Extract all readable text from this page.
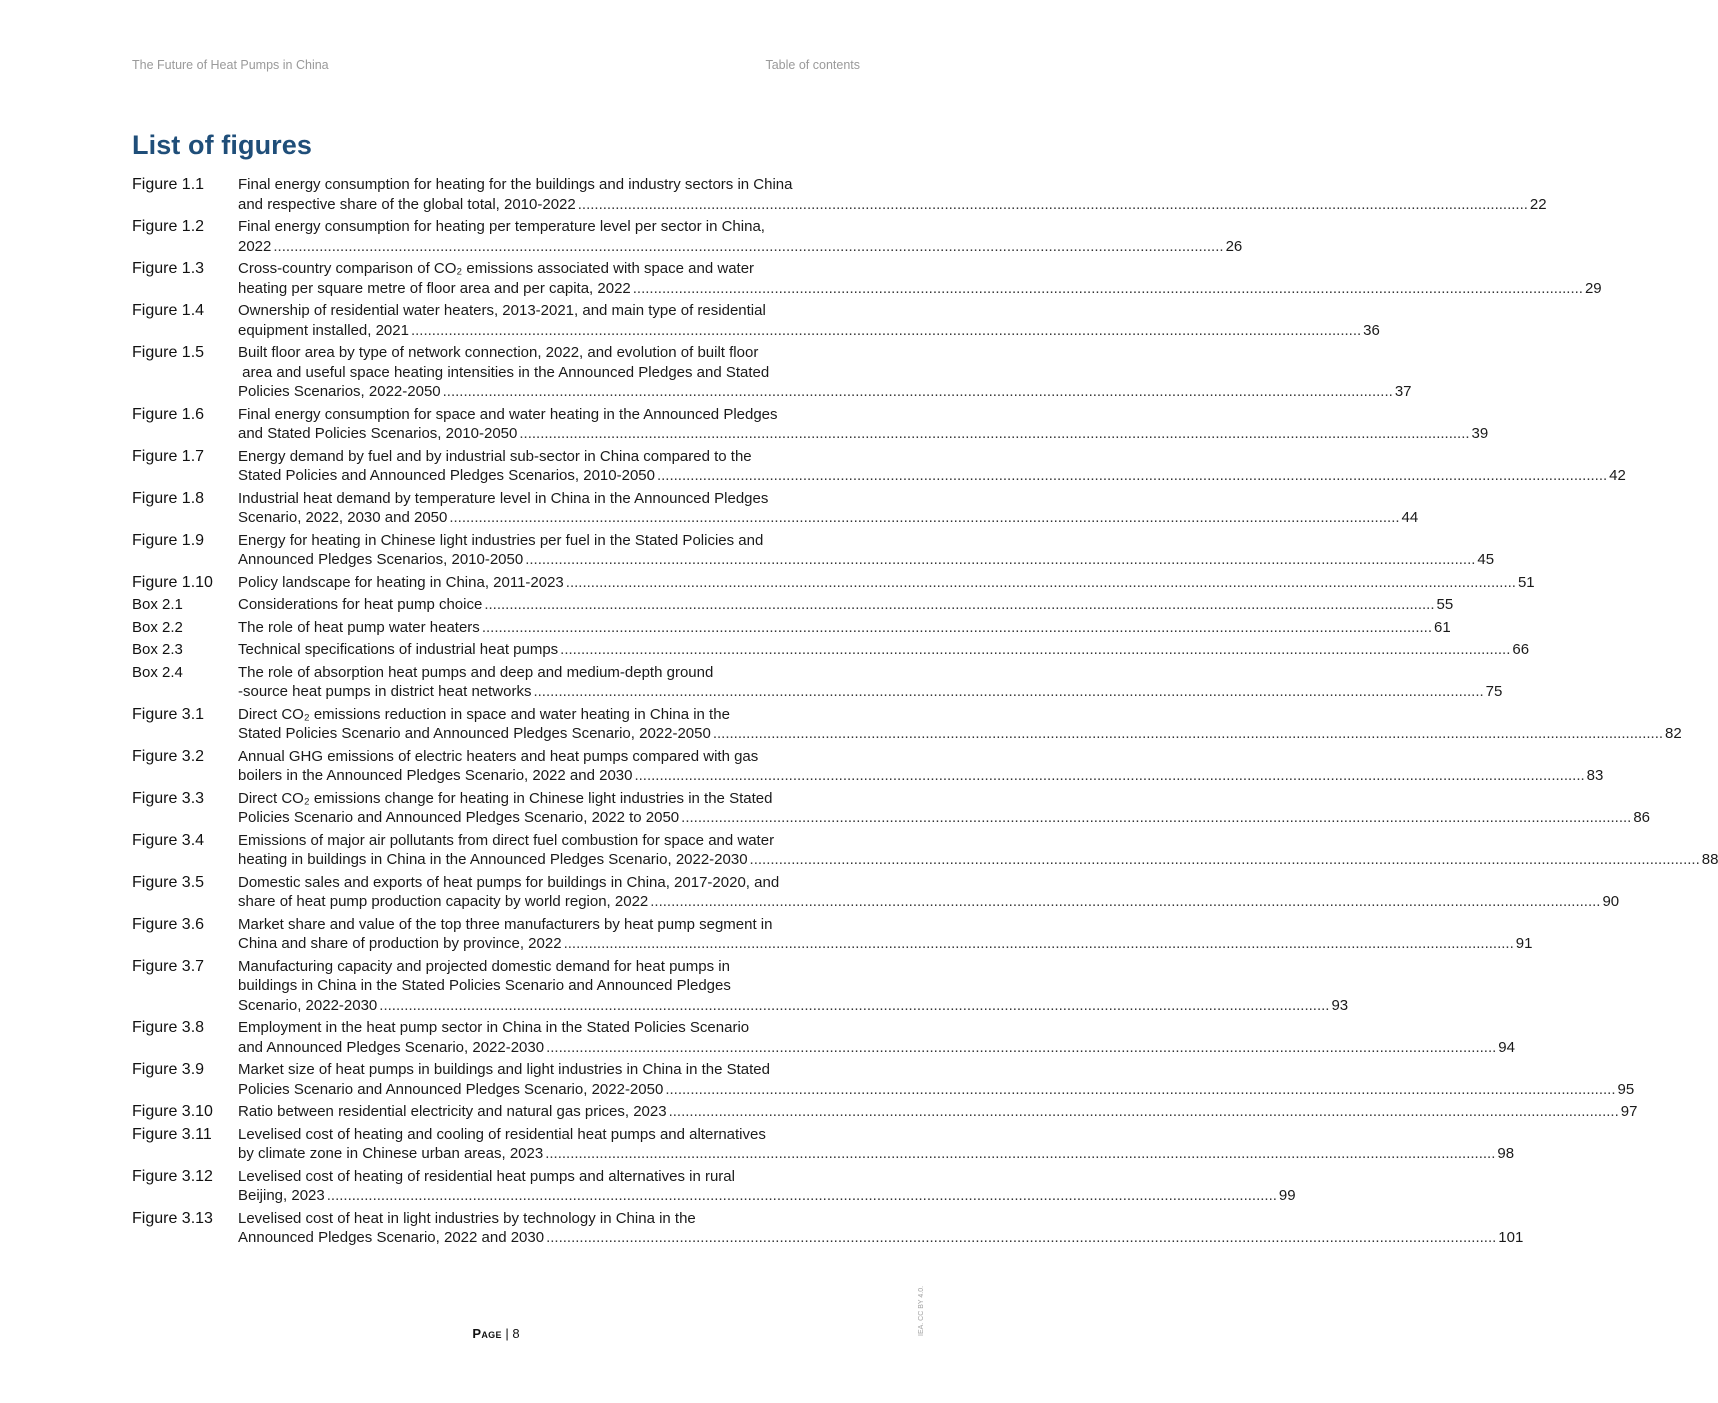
The Future of Heat Pumps in China	Table of contents
List of figures
Figure 1.1	Final energy consumption for heating for the buildings and industry sectors in China
and respective share of the global total, 2010-2022 .....	22
Figure 1.2	Final energy consumption for heating per temperature level per sector in China,
2022 .....	26
Figure 1.3	Cross-country comparison of CO₂ emissions associated with space and water
heating per square metre of floor area and per capita, 2022 .....	29
Figure 1.4	Ownership of residential water heaters, 2013-2021, and main type of residential
equipment installed, 2021 .....	36
Figure 1.5	Built floor area by type of network connection, 2022, and evolution of built floor
area and useful space heating intensities in the Announced Pledges and Stated
Policies Scenarios, 2022-2050 .....	37
Figure 1.6	Final energy consumption for space and water heating in the Announced Pledges
and Stated Policies Scenarios, 2010-2050 .....	39
Figure 1.7	Energy demand by fuel and by industrial sub-sector in China compared to the
Stated Policies and Announced Pledges Scenarios, 2010-2050 .....	42
Figure 1.8	Industrial heat demand by temperature level in China in the Announced Pledges
Scenario, 2022, 2030 and 2050 .....	44
Figure 1.9	Energy for heating in Chinese light industries per fuel in the Stated Policies and
Announced Pledges Scenarios, 2010-2050 .....	45
Figure 1.10	Policy landscape for heating in China, 2011-2023 .....	51
Box 2.1	Considerations for heat pump choice .....	55
Box 2.2	The role of heat pump water heaters .....	61
Box 2.3	Technical specifications of industrial heat pumps .....	66
Box 2.4	The role of absorption heat pumps and deep and medium-depth ground
-source heat pumps in district heat networks .....	75
Figure 3.1	Direct CO₂ emissions reduction in space and water heating in China in the
Stated Policies Scenario and Announced Pledges Scenario, 2022-2050 .....	82
Figure 3.2	Annual GHG emissions of electric heaters and heat pumps compared with gas
boilers in the Announced Pledges Scenario, 2022 and 2030 .....	83
Figure 3.3	Direct CO₂ emissions change for heating in Chinese light industries in the Stated
Policies Scenario and Announced Pledges Scenario, 2022 to 2050 .....	86
Figure 3.4	Emissions of major air pollutants from direct fuel combustion for space and water
heating in buildings in China in the Announced Pledges Scenario, 2022-2030 .....	88
Figure 3.5	Domestic sales and exports of heat pumps for buildings in China, 2017-2020, and
share of heat pump production capacity by world region, 2022 .....	90
Figure 3.6	Market share and value of the top three manufacturers by heat pump segment in
China and share of production by province, 2022 .....	91
Figure 3.7	Manufacturing capacity and projected domestic demand for heat pumps in
buildings in China in the Stated Policies Scenario and Announced Pledges
Scenario, 2022-2030 .....	93
Figure 3.8	Employment in the heat pump sector in China in the Stated Policies Scenario
and Announced Pledges Scenario, 2022-2030 .....	94
Figure 3.9	Market size of heat pumps in buildings and light industries in China in the Stated
Policies Scenario and Announced Pledges Scenario, 2022-2050 .....	95
Figure 3.10	Ratio between residential electricity and natural gas prices, 2023 .....	97
Figure 3.11	Levelised cost of heating and cooling of residential heat pumps and alternatives
by climate zone in Chinese urban areas, 2023 .....	98
Figure 3.12	Levelised cost of heating of residential heat pumps and alternatives in rural
Beijing, 2023 .....	99
Figure 3.13	Levelised cost of heat in light industries by technology in China in the
Announced Pledges Scenario, 2022 and 2030 .....	101
Page | 8	IEA. CC BY 4.0.
